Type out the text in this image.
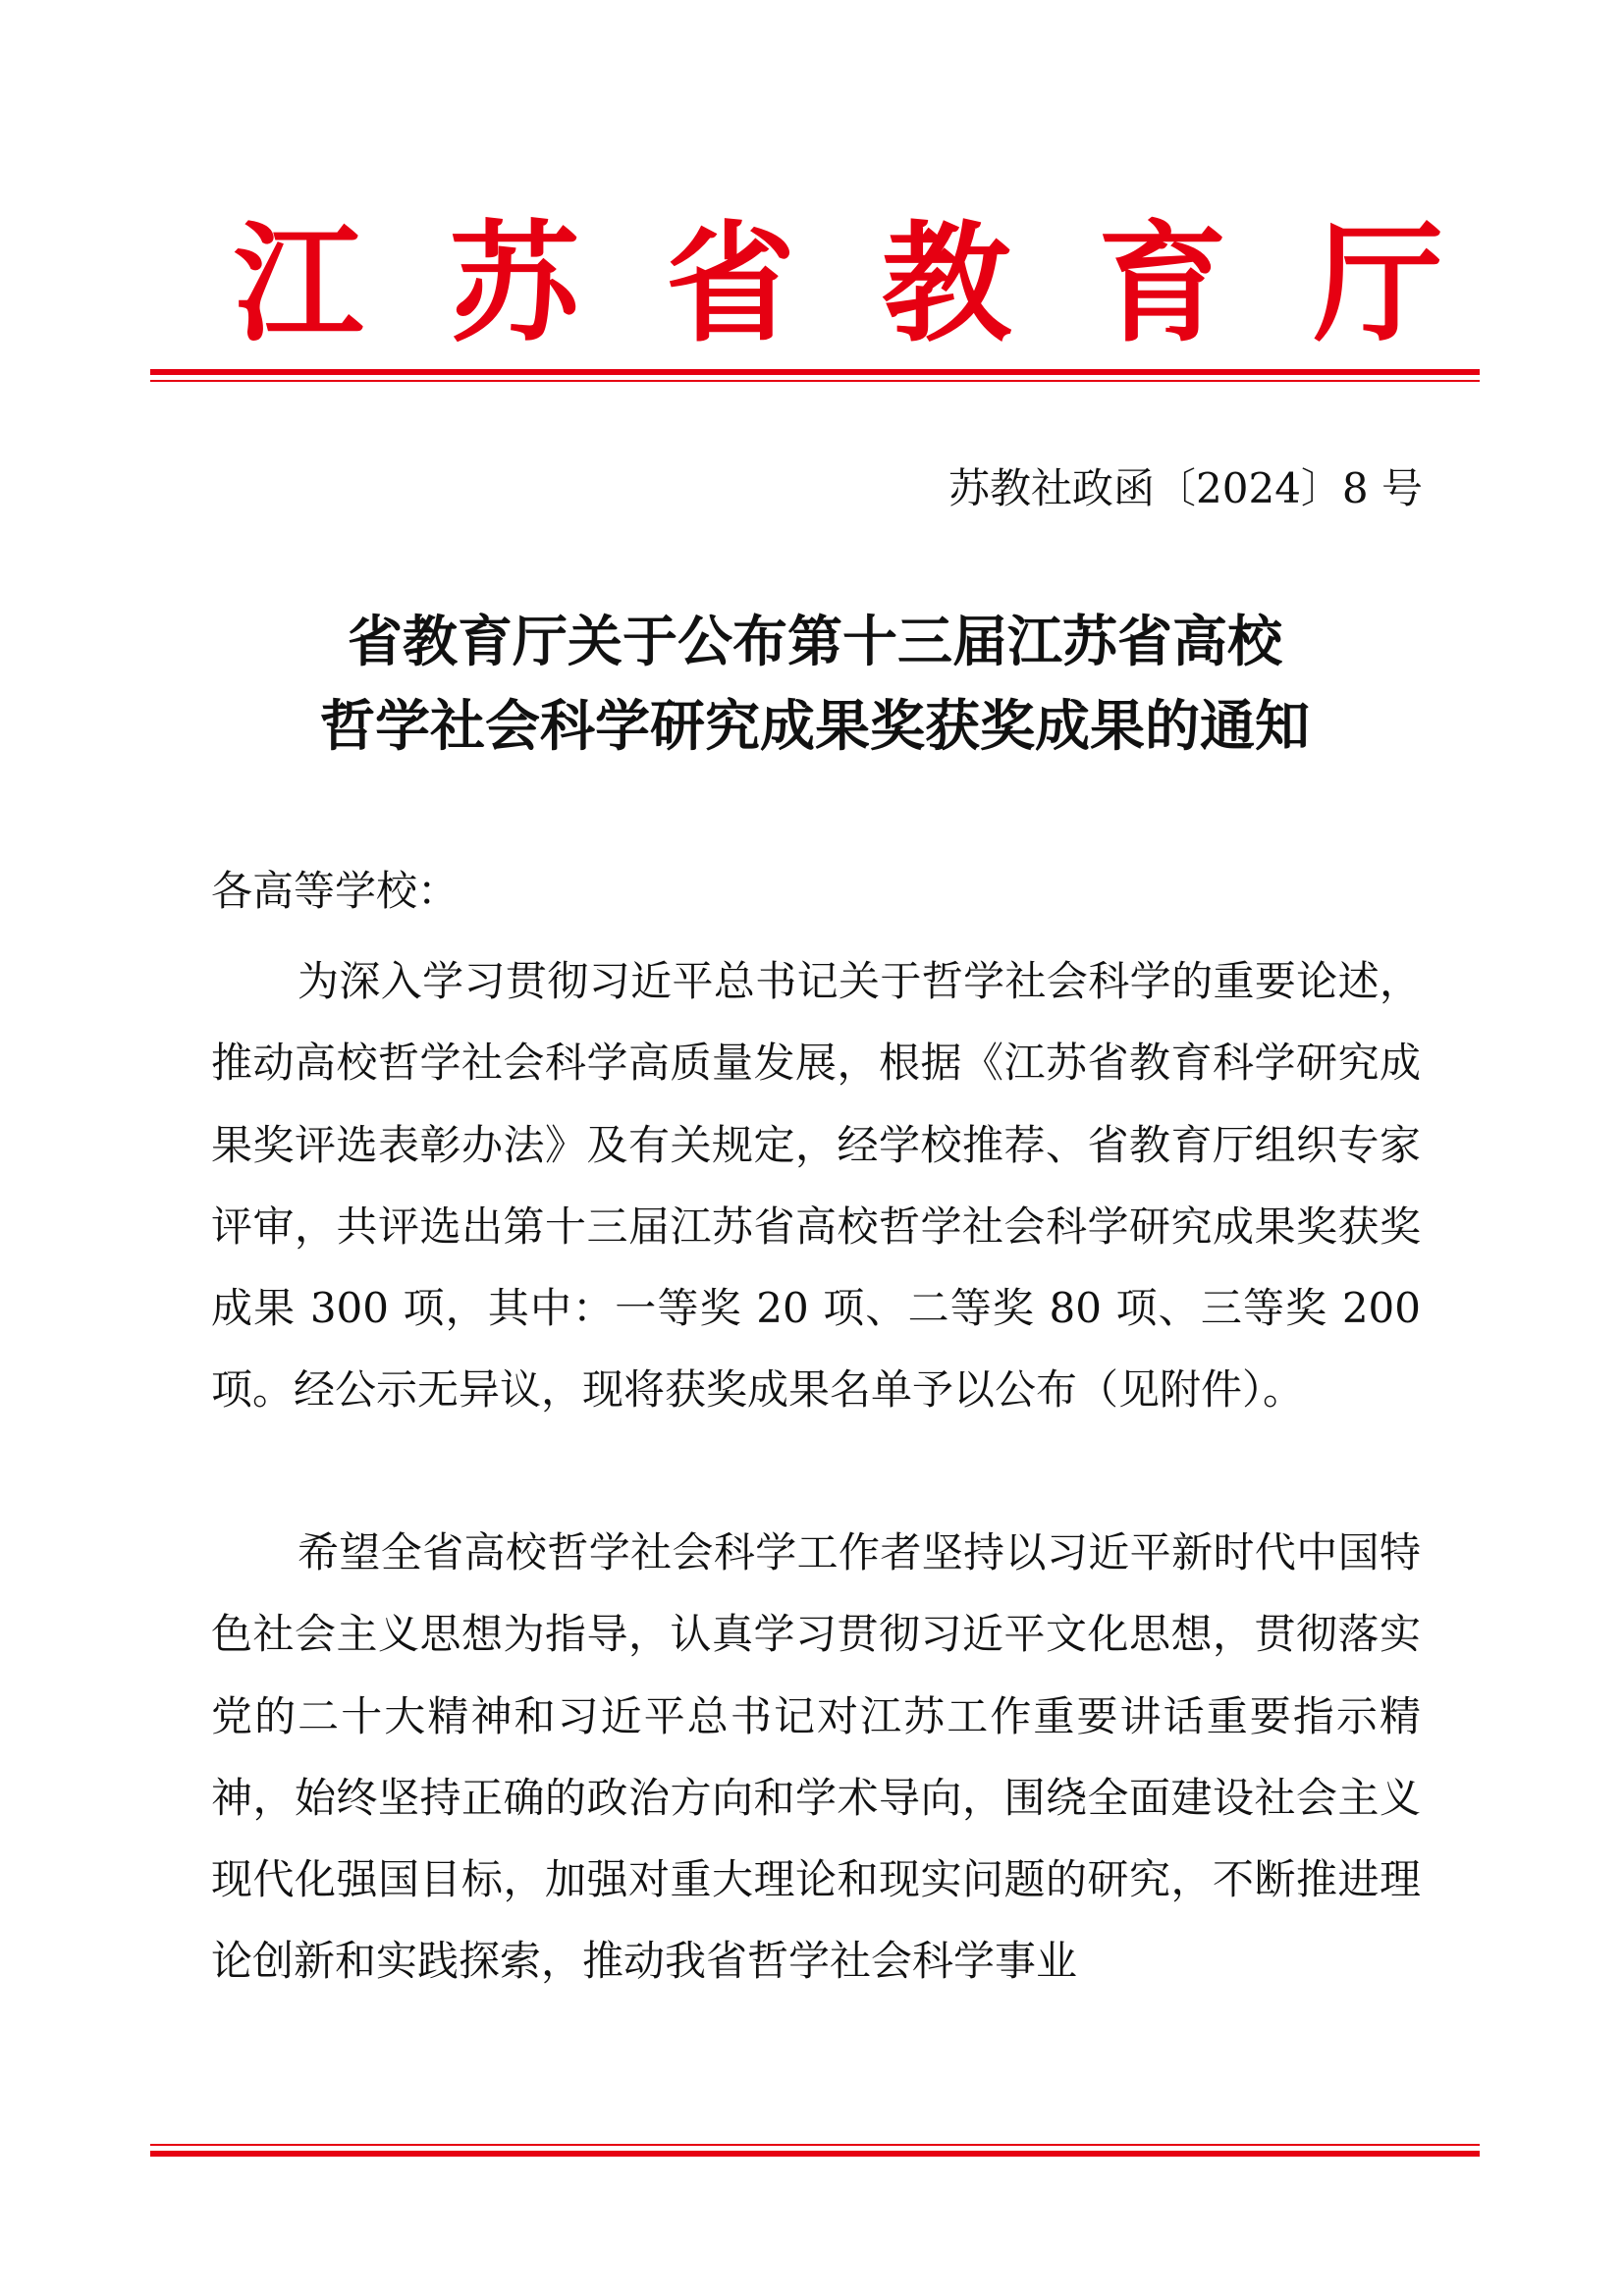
江苏省教育厅
苏教社政函〔2024〕8 号
省教育厅关于公布第十三届江苏省高校
哲学社会科学研究成果奖获奖成果的通知
各高等学校：
为深入学习贯彻习近平总书记关于哲学社会科学的重要论述，推动高校哲学社会科学高质量发展，根据《江苏省教育科学研究成果奖评选表彰办法》及有关规定，经学校推荐、省教育厅组织专家评审，共评选出第十三届江苏省高校哲学社会科学研究成果奖获奖成果 300 项，其中：一等奖 20 项、二等奖 80 项、三等奖 200 项。经公示无异议，现将获奖成果名单予以公布（见附件）。
希望全省高校哲学社会科学工作者坚持以习近平新时代中国特色社会主义思想为指导，认真学习贯彻习近平文化思想，贯彻落实党的二十大精神和习近平总书记对江苏工作重要讲话重要指示精神，始终坚持正确的政治方向和学术导向，围绕全面建设社会主义现代化强国目标，加强对重大理论和现实问题的研究，不断推进理论创新和实践探索，推动我省哲学社会科学事业
